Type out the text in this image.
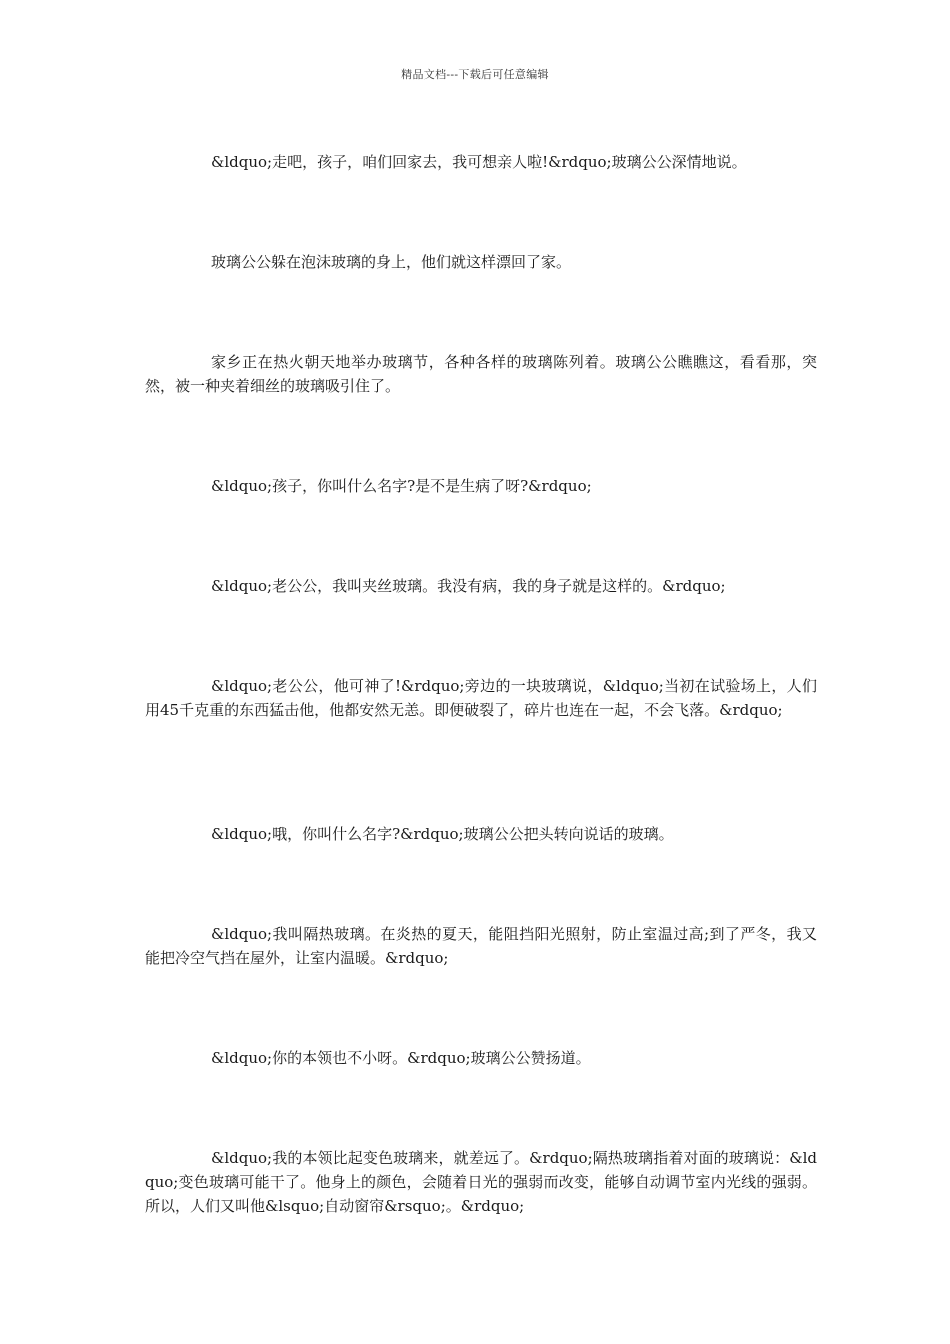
精品文档---下载后可任意编辑

&ldquo;走吧，孩子，咱们回家去，我可想亲人啦!&rdquo;玻璃公公深情地说。

玻璃公公躲在泡沫玻璃的身上，他们就这样漂回了家。

家乡正在热火朝天地举办玻璃节，各种各样的玻璃陈列着。玻璃公公瞧瞧这，看看那，突然，被一种夹着细丝的玻璃吸引住了。

&ldquo;孩子，你叫什么名字?是不是生病了呀?&rdquo;

&ldquo;老公公，我叫夹丝玻璃。我没有病，我的身子就是这样的。&rdquo;

&ldquo;老公公，他可神了!&rdquo;旁边的一块玻璃说，&ldquo;当初在试验场上，人们用45千克重的东西猛击他，他都安然无恙。即便破裂了，碎片也连在一起，不会飞落。&rdquo;

&ldquo;哦，你叫什么名字?&rdquo;玻璃公公把头转向说话的玻璃。

&ldquo;我叫隔热玻璃。在炎热的夏天，能阻挡阳光照射，防止室温过高;到了严冬，我又能把冷空气挡在屋外，让室内温暖。&rdquo;

&ldquo;你的本领也不小呀。&rdquo;玻璃公公赞扬道。

&ldquo;我的本领比起变色玻璃来，就差远了。&rdquo;隔热玻璃指着对面的玻璃说：&ldquo;变色玻璃可能干了。他身上的颜色，会随着日光的强弱而改变，能够自动调节室内光线的强弱。所以，人们又叫他&lsquo;自动窗帘&rsquo;。&rdquo;
